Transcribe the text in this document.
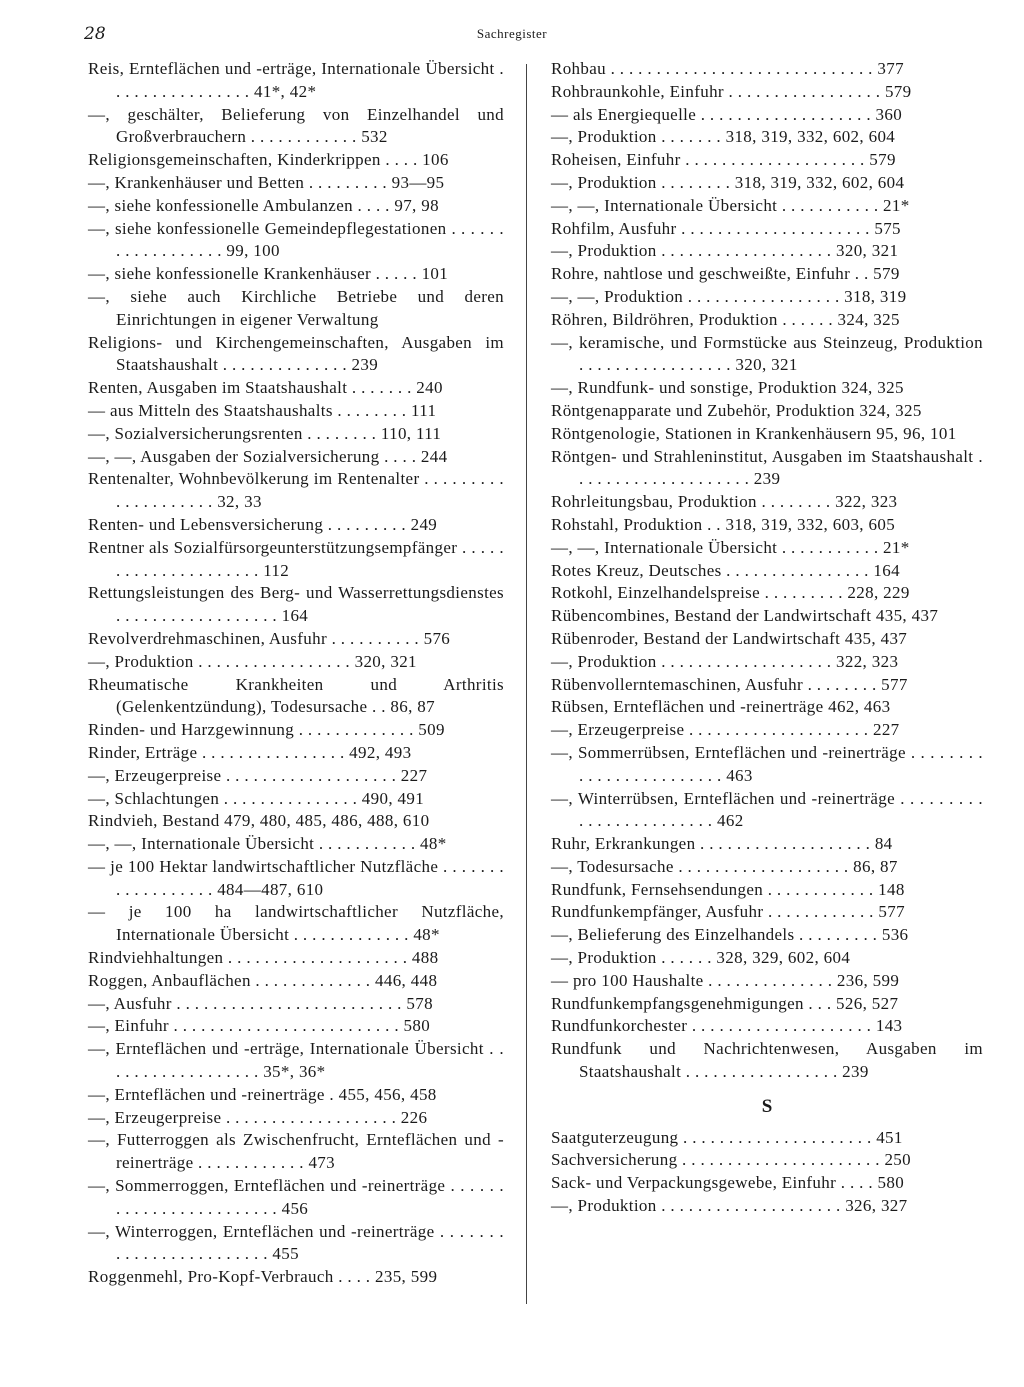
28	Sachregister
Reis, Ernteflächen und -erträge, Internationale Übersicht . . . . . . . . . . . . . . . . 41*, 42*
—, geschälter, Belieferung von Einzelhandel und Großverbrauchern . . . . . . . . . . . . 532
Religionsgemeinschaften, Kinderkrippen . . . . 106
—, Krankenhäuser und Betten . . . . . . . . . 93—95
—, siehe konfessionelle Ambulanzen . . . . 97, 98
—, siehe konfessionelle Gemeindepflegestationen . . . . . . . . . . . . . . . . . . 99, 100
—, siehe konfessionelle Krankenhäuser . . . . . 101
—, siehe auch Kirchliche Betriebe und deren Einrichtungen in eigener Verwaltung
Religions- und Kirchengemeinschaften, Ausgaben im Staatshaushalt . . . . . . . . . . . . . . 239
Renten, Ausgaben im Staatshaushalt . . . . . . . 240
— aus Mitteln des Staatshaushalts . . . . . . . . 111
—, Sozialversicherungsrenten . . . . . . . . 110, 111
—, —, Ausgaben der Sozialversicherung . . . . 244
Rentenalter, Wohnbevölkerung im Rentenalter . . . . . . . . . . . . . . . . . . . . 32, 33
Renten- und Lebensversicherung . . . . . . . . . 249
Rentner als Sozialfürsorgeunterstützungsempfänger . . . . . . . . . . . . . . . . . . . . . 112
Rettungsleistungen des Berg- und Wasserrettungsdienstes . . . . . . . . . . . . . . . . . . 164
Revolverdrehmaschinen, Ausfuhr . . . . . . . . . . 576
—, Produktion . . . . . . . . . . . . . . . . . 320, 321
Rheumatische Krankheiten und Arthritis (Gelenkentzündung), Todesursache . . 86, 87
Rinden- und Harzgewinnung . . . . . . . . . . . . . 509
Rinder, Erträge . . . . . . . . . . . . . . . . 492, 493
—, Erzeugerpreise . . . . . . . . . . . . . . . . . . . 227
—, Schlachtungen . . . . . . . . . . . . . . . 490, 491
Rindvieh, Bestand 479, 480, 485, 486, 488, 610
—, —, Internationale Übersicht . . . . . . . . . . . 48*
— je 100 Hektar landwirtschaftlicher Nutzfläche . . . . . . . . . . . . . . . . . . 484—487, 610
— je 100 ha landwirtschaftlicher Nutzfläche, Internationale Übersicht . . . . . . . . . . . . . 48*
Rindviehhaltungen . . . . . . . . . . . . . . . . . . . . 488
Roggen, Anbauflächen . . . . . . . . . . . . . 446, 448
—, Ausfuhr . . . . . . . . . . . . . . . . . . . . . . . . . 578
—, Einfuhr . . . . . . . . . . . . . . . . . . . . . . . . . 580
—, Ernteflächen und -erträge, Internationale Übersicht . . . . . . . . . . . . . . . . . . 35*, 36*
—, Ernteflächen und -reinerträge . 455, 456, 458
—, Erzeugerpreise . . . . . . . . . . . . . . . . . . . 226
—, Futterroggen als Zwischenfrucht, Ernteflächen und -reinerträge . . . . . . . . . . . . 473
—, Sommerroggen, Ernteflächen und -reinerträge . . . . . . . . . . . . . . . . . . . . . . . . 456
—, Winterroggen, Ernteflächen und -reinerträge . . . . . . . . . . . . . . . . . . . . . . . . 455
Roggenmehl, Pro-Kopf-Verbrauch . . . . 235, 599
Rohbau . . . . . . . . . . . . . . . . . . . . . . . . . . . . . 377
Rohbraunkohle, Einfuhr . . . . . . . . . . . . . . . . . 579
— als Energiequelle . . . . . . . . . . . . . . . . . . . 360
—, Produktion . . . . . . . 318, 319, 332, 602, 604
Roheisen, Einfuhr . . . . . . . . . . . . . . . . . . . . 579
—, Produktion . . . . . . . . 318, 319, 332, 602, 604
—, —, Internationale Übersicht . . . . . . . . . . . 21*
Rohfilm, Ausfuhr . . . . . . . . . . . . . . . . . . . . . 575
—, Produktion . . . . . . . . . . . . . . . . . . . 320, 321
Rohre, nahtlose und geschweißte, Einfuhr . . 579
—, —, Produktion . . . . . . . . . . . . . . . . . 318, 319
Röhren, Bildröhren, Produktion . . . . . . 324, 325
—, keramische, und Formstücke aus Steinzeug, Produktion . . . . . . . . . . . . . . . . . 320, 321
—, Rundfunk- und sonstige, Produktion 324, 325
Röntgenapparate und Zubehör, Produktion 324, 325
Röntgenologie, Stationen in Krankenhäusern 95, 96, 101
Röntgen- und Strahleninstitut, Ausgaben im Staatshaushalt . . . . . . . . . . . . . . . . . . . . 239
Rohrleitungsbau, Produktion . . . . . . . . 322, 323
Rohstahl, Produktion . . 318, 319, 332, 603, 605
—, —, Internationale Übersicht . . . . . . . . . . . 21*
Rotes Kreuz, Deutsches . . . . . . . . . . . . . . . . 164
Rotkohl, Einzelhandelspreise . . . . . . . . . 228, 229
Rübencombines, Bestand der Landwirtschaft 435, 437
Rübenroder, Bestand der Landwirtschaft 435, 437
—, Produktion . . . . . . . . . . . . . . . . . . . 322, 323
Rübenvollerntemaschinen, Ausfuhr . . . . . . . . 577
Rübsen, Ernteflächen und -reinerträge 462, 463
—, Erzeugerpreise . . . . . . . . . . . . . . . . . . . . 227
—, Sommerrübsen, Ernteflächen und -reinerträge . . . . . . . . . . . . . . . . . . . . . . . . 463
—, Winterrübsen, Ernteflächen und -reinerträge . . . . . . . . . . . . . . . . . . . . . . . . 462
Ruhr, Erkrankungen . . . . . . . . . . . . . . . . . . . 84
—, Todesursache . . . . . . . . . . . . . . . . . . . 86, 87
Rundfunk, Fernsehsendungen . . . . . . . . . . . . 148
Rundfunkempfänger, Ausfuhr . . . . . . . . . . . . 577
—, Belieferung des Einzelhandels . . . . . . . . . 536
—, Produktion . . . . . . 328, 329, 602, 604
— pro 100 Haushalte . . . . . . . . . . . . . . 236, 599
Rundfunkempfangsgenehmigungen . . . 526, 527
Rundfunkorchester . . . . . . . . . . . . . . . . . . . . 143
Rundfunk und Nachrichtenwesen, Ausgaben im Staatshaushalt . . . . . . . . . . . . . . . . . 239
S
Saatguterzeugung . . . . . . . . . . . . . . . . . . . . . 451
Sachversicherung . . . . . . . . . . . . . . . . . . . . . . 250
Sack- und Verpackungsgewebe, Einfuhr . . . . 580
—, Produktion . . . . . . . . . . . . . . . . . . . . 326, 327
